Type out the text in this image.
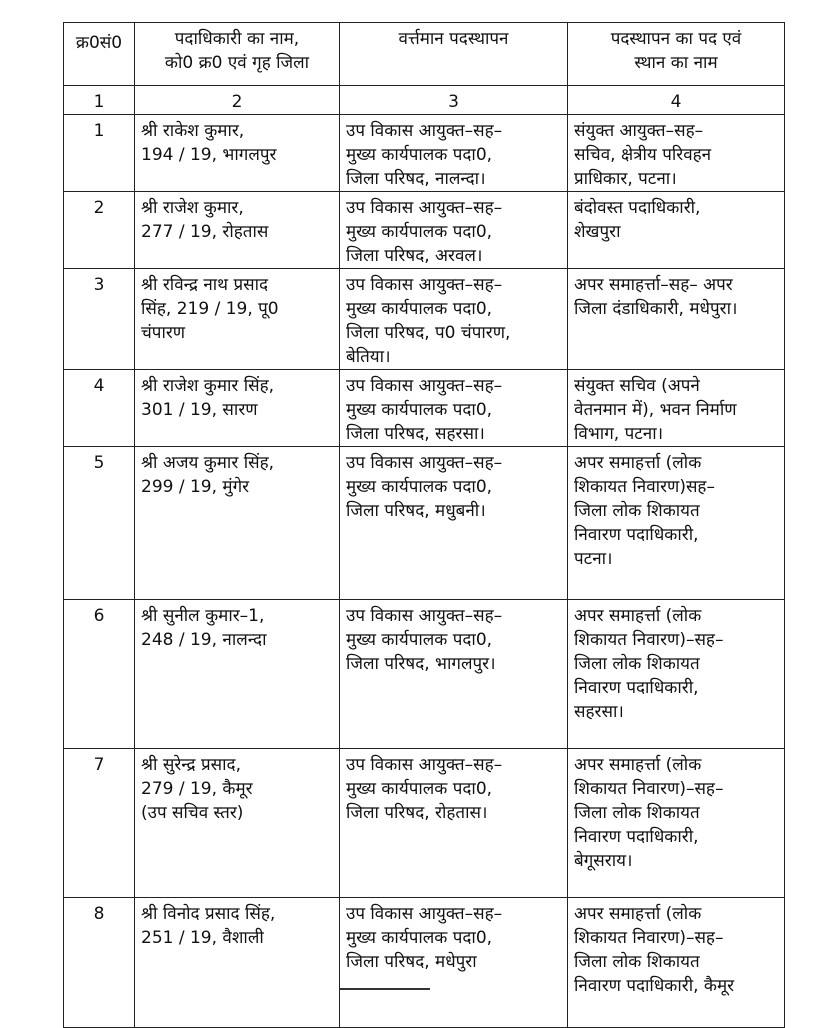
क्र0सं0	पदाधिकारी का नाम,
को0 क्र0 एवं गृह जिला	वर्त्तमान पदस्थापन	पदस्थापन का पद एवं
स्थान का नाम
1	2	3	4
1	श्री राकेश कुमार,
194 / 19, भागलपुर	उप विकास आयुक्त–सह–
मुख्य कार्यपालक पदा0,
जिला परिषद, नालन्दा।	संयुक्त आयुक्त–सह–
सचिव, क्षेत्रीय परिवहन
प्राधिकार, पटना।
2	श्री राजेश कुमार,
277 / 19, रोहतास	उप विकास आयुक्त–सह–
मुख्य कार्यपालक पदा0,
जिला परिषद, अरवल।	बंदोवस्त पदाधिकारी,
शेखपुरा
3	श्री रविन्द्र नाथ प्रसाद
सिंह, 219 / 19, पू0
चंपारण	उप विकास आयुक्त–सह–
मुख्य कार्यपालक पदा0,
जिला परिषद, प0 चंपारण,
बेतिया।	अपर समाहर्त्ता–सह– अपर
जिला दंडाधिकारी, मधेपुरा।
4	श्री राजेश कुमार सिंह,
301 / 19, सारण	उप विकास आयुक्त–सह–
मुख्य कार्यपालक पदा0,
जिला परिषद, सहरसा।	संयुक्त सचिव (अपने
वेतनमान में), भवन निर्माण
विभाग, पटना।
5	श्री अजय कुमार सिंह,
299 / 19, मुंगेर	उप विकास आयुक्त–सह–
मुख्य कार्यपालक पदा0,
जिला परिषद, मधुबनी।	अपर समाहर्त्ता (लोक
शिकायत निवारण)सह–
जिला लोक शिकायत
निवारण पदाधिकारी,
पटना।
6	श्री सुनील कुमार–1,
248 / 19, नालन्दा	उप विकास आयुक्त–सह–
मुख्य कार्यपालक पदा0,
जिला परिषद, भागलपुर।	अपर समाहर्त्ता (लोक
शिकायत निवारण)–सह–
जिला लोक शिकायत
निवारण पदाधिकारी,
सहरसा।
7	श्री सुरेन्द्र प्रसाद,
279 / 19, कैमूर
(उप सचिव स्तर)	उप विकास आयुक्त–सह–
मुख्य कार्यपालक पदा0,
जिला परिषद, रोहतास।	अपर समाहर्त्ता (लोक
शिकायत निवारण)–सह–
जिला लोक शिकायत
निवारण पदाधिकारी,
बेगूसराय।
8	श्री विनोद प्रसाद सिंह,
251 / 19, वैशाली	उप विकास आयुक्त–सह–
मुख्य कार्यपालक पदा0,
जिला परिषद, मधेपुरा	अपर समाहर्त्ता (लोक
शिकायत निवारण)–सह–
जिला लोक शिकायत
निवारण पदाधिकारी, कैमूर
